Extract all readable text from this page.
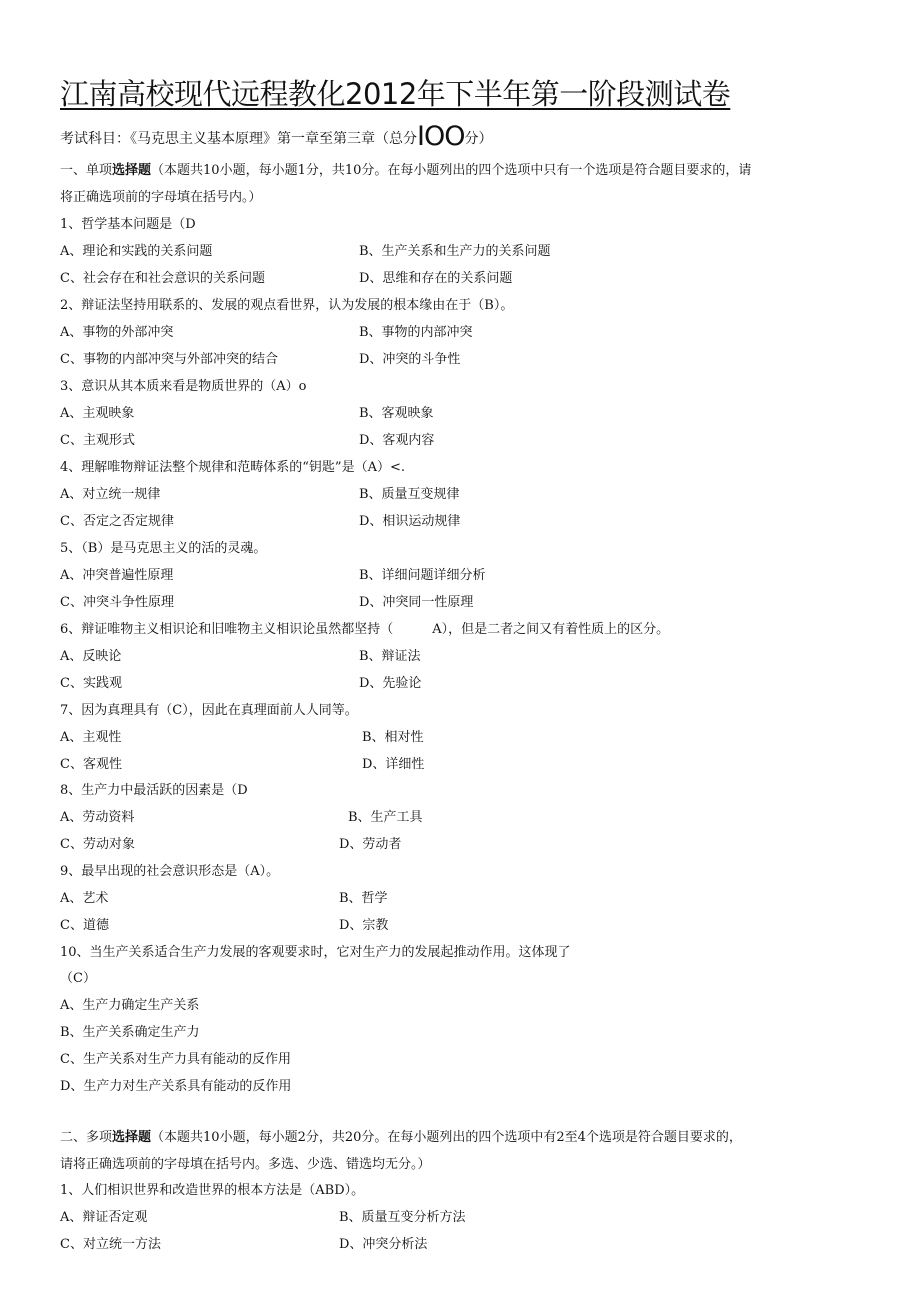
江南高校现代远程教化2012年下半年第一阶段测试卷
考试科目：《马克思主义基本原理》第一章至第三章（总分IOO分）
一、单项选择题（本题共10小题，每小题1分，共10分。在每小题列出的四个选项中只有一个选项是符合题目要求的，请
将正确选项前的字母填在括号内。）
1、哲学基本问题是（D
A、理论和实践的关系问题	B、生产关系和生产力的关系问题
C、社会存在和社会意识的关系问题	D、思维和存在的关系问题
2、辩证法坚持用联系的、发展的观点看世界，认为发展的根本缘由在于（B）。
A、事物的外部冲突	B、事物的内部冲突
C、事物的内部冲突与外部冲突的结合	D、冲突的斗争性
3、意识从其本质来看是物质世界的（A）o
A、主观映象	B、客观映象
C、主观形式	D、客观内容
4、理解唯物辩证法整个规律和范畴体系的“钥匙”是（A）<.
A、对立统一规律	B、质量互变规律
C、否定之否定规律	D、相识运动规律
5、（B）是马克思主义的活的灵魂。
A、冲突普遍性原理	B、详细问题详细分析
C、冲突斗争性原理	D、冲突同一性原理
6、辩证唯物主义相识论和旧唯物主义相识论虽然都坚持（　　　A），但是二者之间又有着性质上的区分。
A、反映论	B、辩证法
C、实践观	D、先验论
7、因为真理具有（C），因此在真理面前人人同等。
A、主观性	B、相对性
C、客观性	D、详细性
8、生产力中最活跃的因素是（D
A、劳动资料	B、生产工具
C、劳动对象	D、劳动者
9、最早出现的社会意识形态是（A）。
A、艺术	B、哲学
C、道德	D、宗教
10、当生产关系适合生产力发展的客观要求时，它对生产力的发展起推动作用。这体现了
（C）
A、生产力确定生产关系
B、生产关系确定生产力
C、生产关系对生产力具有能动的反作用
D、生产力对生产关系具有能动的反作用
二、多项选择题（本题共10小题，每小题2分，共20分。在每小题列出的四个选项中有2至4个选项是符合题目要求的，
请将正确选项前的字母填在括号内。多选、少选、错选均无分。）
1、人们相识世界和改造世界的根本方法是（ABD）。
A、辩证否定观	B、质量互变分析方法
C、对立统一方法	D、冲突分析法
